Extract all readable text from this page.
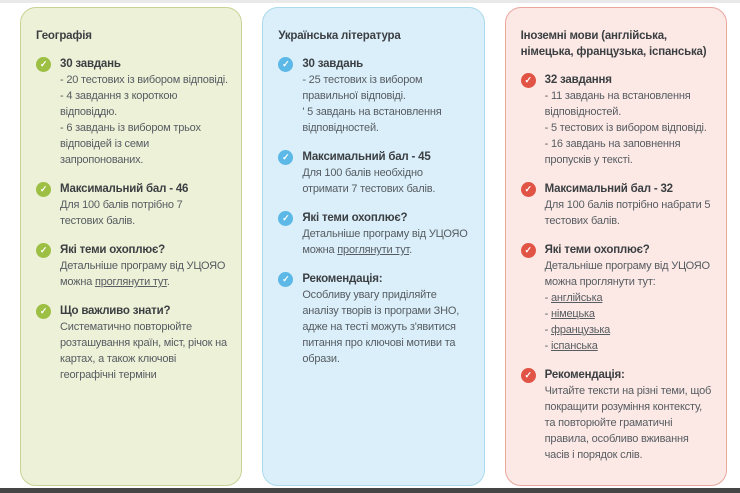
Географія
✓	30 завдань
- 20 тестових із вибором відповіді.
- 4 завдання з короткою відповіддю.
- 6 завдань із вибором трьох відповідей із семи запропонованих.
✓	Максимальний бал - 46
Для 100 балів потрібно 7 тестових балів.
✓	Які теми охоплює?
Детальніше програму від УЦОЯО можна проглянути тут.
✓	Що важливо знати?
Систематично повторюйте розташування країн, міст, річок на картах, а також ключові географічні терміни
Українська література
✓	30 завдань
- 25 тестових із вибором правильної відповіді.
' 5 завдань на встановлення відповідностей.
✓	Максимальний бал - 45
Для 100 балів необхідно отримати 7 тестових балів.
✓	Які теми охоплює?
Детальніше програму від УЦОЯО можна проглянути тут.
✓	Рекомендація:
Особливу увагу приділяйте аналізу творів із програми ЗНО, адже на тесті можуть з'явитися питання про ключові мотиви та образи.
Іноземні мови (англійська, німецька, французька, іспанська)
✓	32 завдання
- 11 завдань на встановлення відповідностей.
- 5 тестових із вибором відповіді.
- 16 завдань на заповнення пропусків у тексті.
✓	Максимальний бал - 32
Для 100 балів потрібно набрати 5 тестових балів.
✓	Які теми охоплює?
Детальніше програму від УЦОЯО можна проглянути тут:
- англійська
- німецька
- французька
- іспанська
✓	Рекомендація:
Читайте тексти на різні теми, щоб покращити розуміння контексту, та повторюйте граматичні правила, особливо вживання часів і порядок слів.
